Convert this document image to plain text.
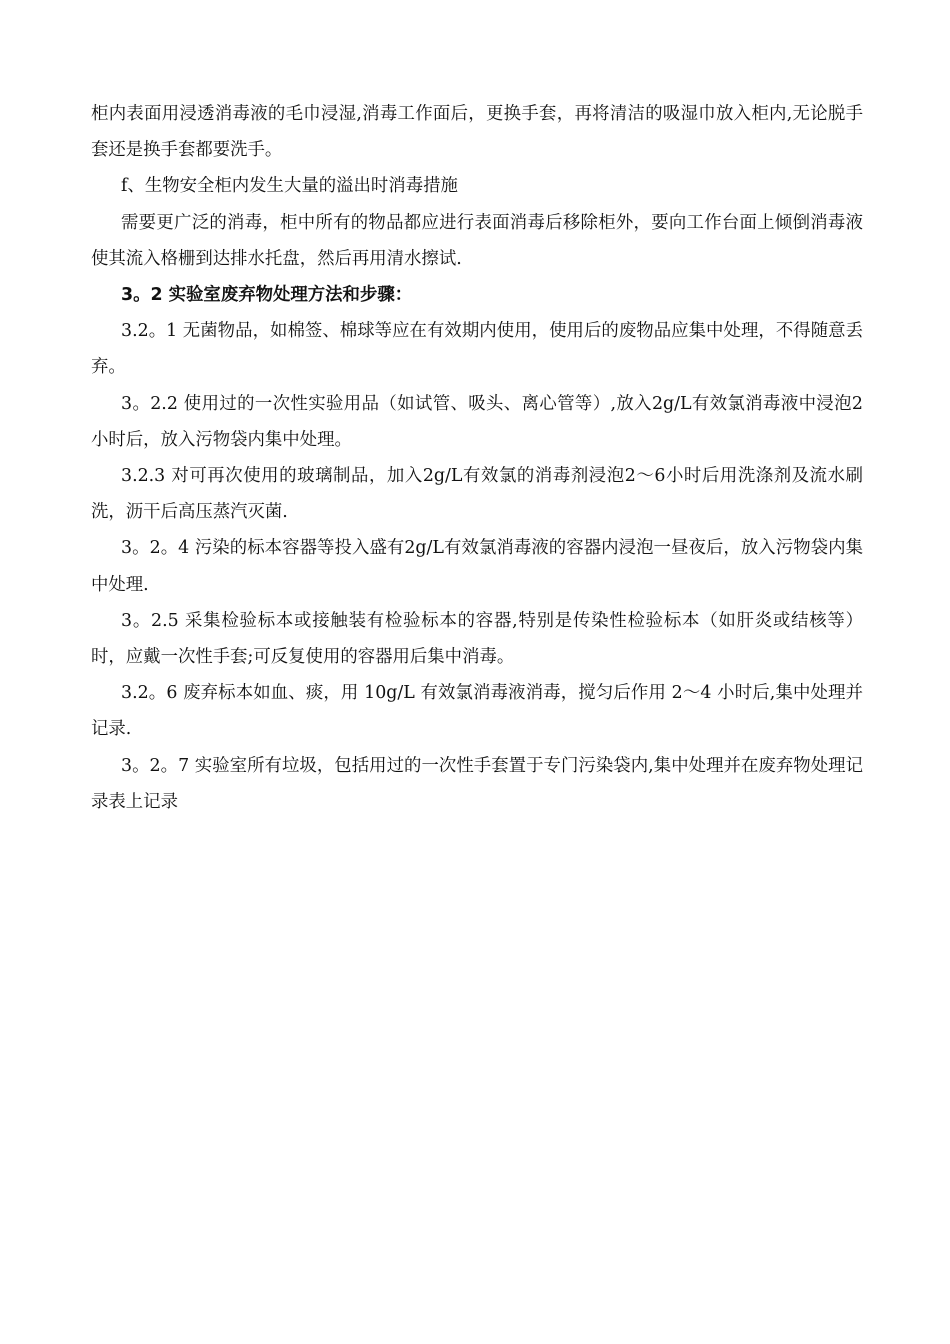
柜内表面用浸透消毒液的毛巾浸湿,消毒工作面后，更换手套，再将清洁的吸湿巾放入柜内,无论脱手套还是换手套都要洗手。

f、生物安全柜内发生大量的溢出时消毒措施

需要更广泛的消毒，柜中所有的物品都应进行表面消毒后移除柜外，要向工作台面上倾倒消毒液使其流入格栅到达排水托盘，然后再用清水擦试.

3。2 实验室废弃物处理方法和步骤：

3.2。1 无菌物品，如棉签、棉球等应在有效期内使用，使用后的废物品应集中处理，不得随意丢弃。

3。2.2 使用过的一次性实验用品（如试管、吸头、离心管等）,放入2g/L有效氯消毒液中浸泡2小时后，放入污物袋内集中处理。

3.2.3 对可再次使用的玻璃制品，加入2g/L有效氯的消毒剂浸泡2～6小时后用洗涤剂及流水刷洗，沥干后高压蒸汽灭菌.

3。2。4 污染的标本容器等投入盛有2g/L有效氯消毒液的容器内浸泡一昼夜后，放入污物袋内集中处理.

3。2.5 采集检验标本或接触装有检验标本的容器,特别是传染性检验标本（如肝炎或结核等）时，应戴一次性手套;可反复使用的容器用后集中消毒。

3.2。6 废弃标本如血、痰，用 10g/L 有效氯消毒液消毒，搅匀后作用 2～4 小时后,集中处理并记录.

3。2。7 实验室所有垃圾，包括用过的一次性手套置于专门污染袋内,集中处理并在废弃物处理记录表上记录
